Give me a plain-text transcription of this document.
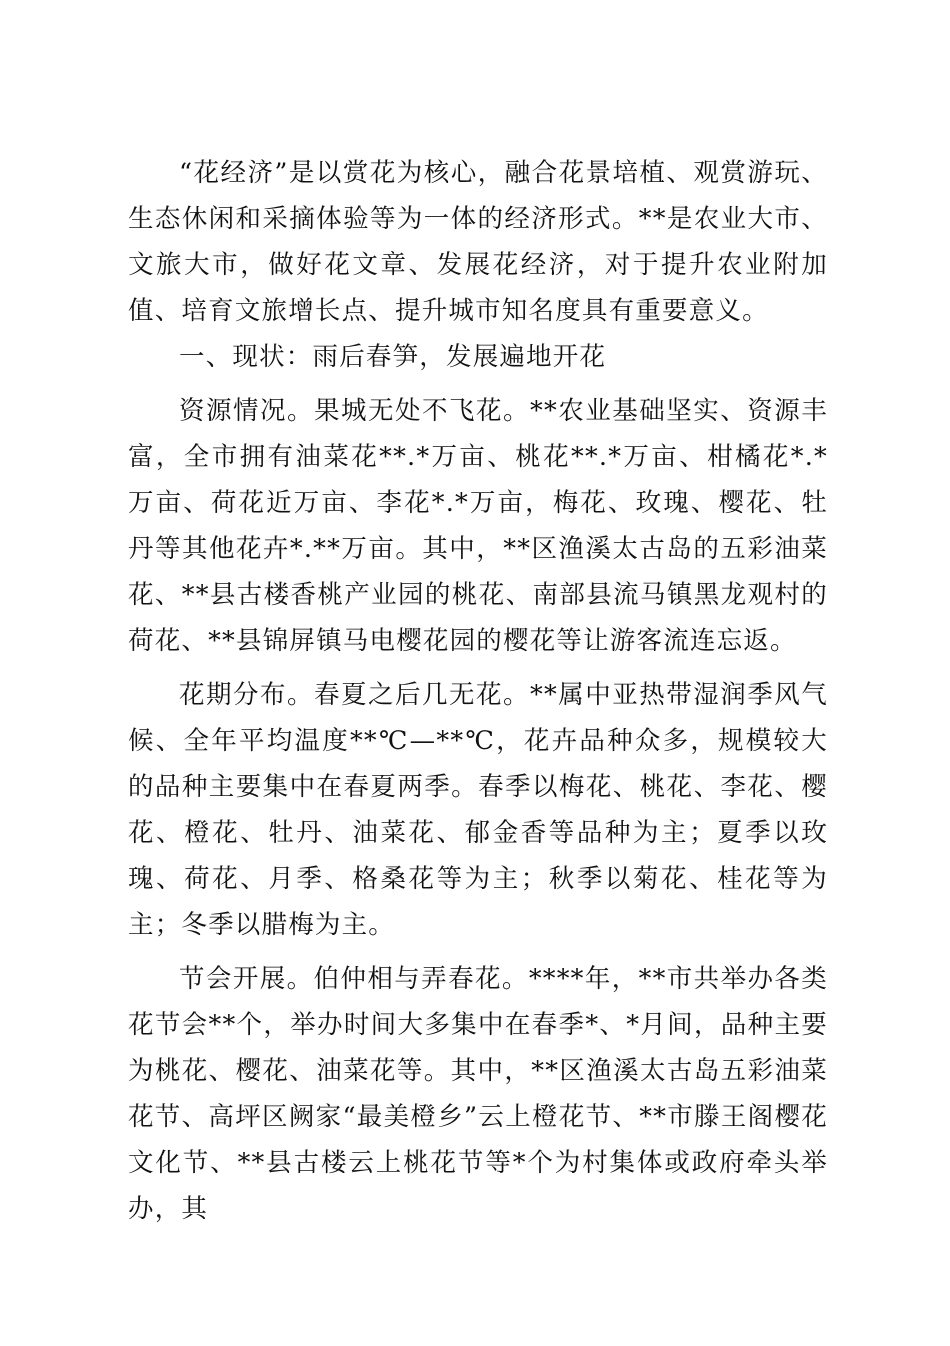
“花经济”是以赏花为核心，融合花景培植、观赏游玩、生态休闲和采摘体验等为一体的经济形式。**是农业大市、文旅大市，做好花文章、发展花经济，对于提升农业附加值、培育文旅增长点、提升城市知名度具有重要意义。

一、现状：雨后春笋，发展遍地开花

资源情况。果城无处不飞花。**农业基础坚实、资源丰富，全市拥有油菜花**.*万亩、桃花**.*万亩、柑橘花*.*万亩、荷花近万亩、李花*.*万亩，梅花、玫瑰、樱花、牡丹等其他花卉*.**万亩。其中，**区渔溪太古岛的五彩油菜花、**县古楼香桃产业园的桃花、南部县流马镇黑龙观村的荷花、**县锦屏镇马电樱花园的樱花等让游客流连忘返。

花期分布。春夏之后几无花。**属中亚热带湿润季风气候、全年平均温度**℃—**℃，花卉品种众多，规模较大的品种主要集中在春夏两季。春季以梅花、桃花、李花、樱花、橙花、牡丹、油菜花、郁金香等品种为主；夏季以玫瑰、荷花、月季、格桑花等为主；秋季以菊花、桂花等为主；冬季以腊梅为主。

节会开展。伯仲相与弄春花。****年，**市共举办各类花节会**个，举办时间大多集中在春季*、*月间，品种主要为桃花、樱花、油菜花等。其中，**区渔溪太古岛五彩油菜花节、高坪区阙家“最美橙乡”云上橙花节、**市滕王阁樱花文化节、**县古楼云上桃花节等*个为村集体或政府牵头举办，其
